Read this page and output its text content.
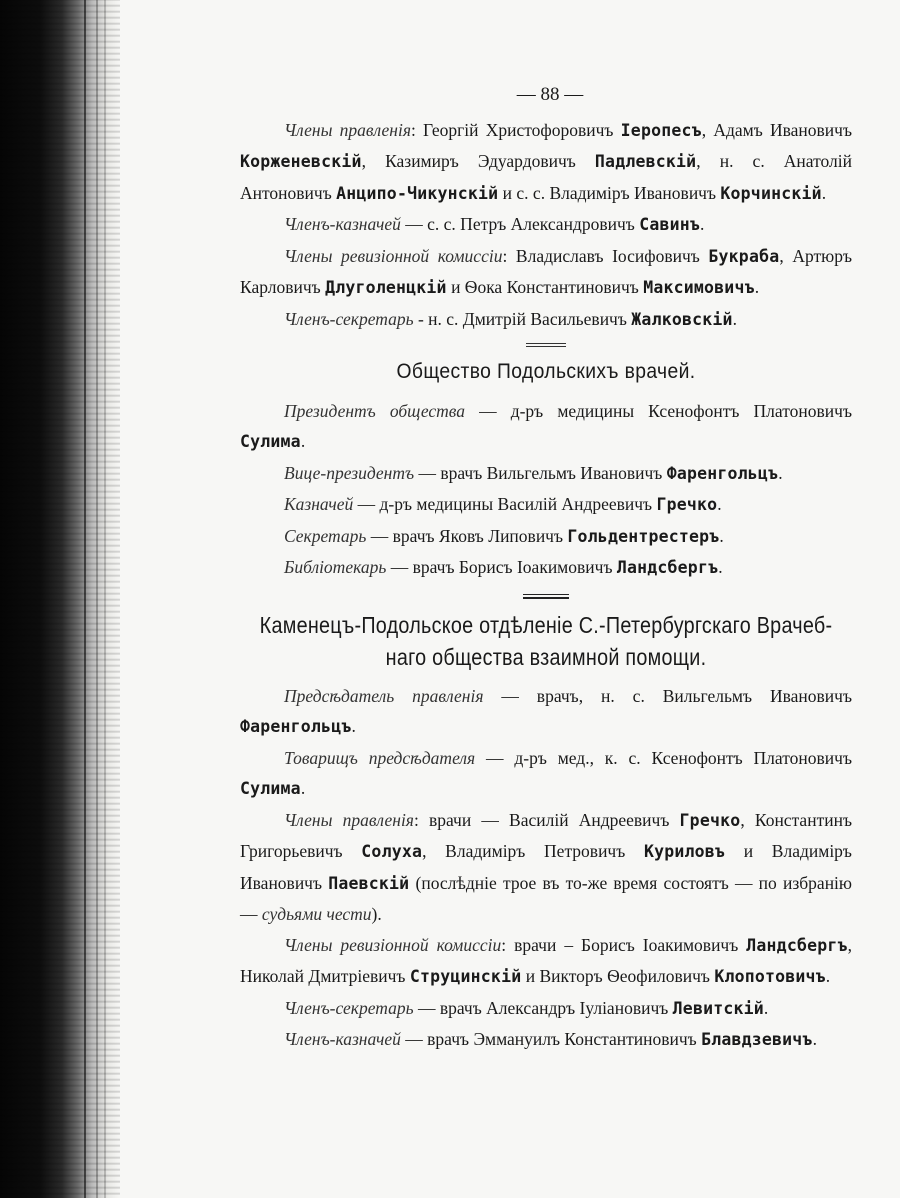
— 88 —

Члены правленія: Георгій Христофоровичъ Іеропесъ, Адамъ Ивановичъ Корженевскій, Казимиръ Эдуардовичъ Падлевскій, н. с. Анатолій Антоновичъ Анципо-Чикунскій и с. с. Владиміръ Ивановичъ Корчинскій.

Членъ-казначей — с. с. Петръ Александровичъ Савинъ.

Члены ревизіонной комиссіи: Владиславъ Іосифовичъ Букраба, Артюръ Карловичъ Длуголенцкій и Ѳока Константиновичъ Максимовичъ.

Членъ-секретарь - н. с. Дмитрій Васильевичъ Жалковскій.

Общество Подольскихъ врачей.

Президентъ общества — д-ръ медицины Ксенофонтъ Платоновичъ Сулима.

Вице-президентъ — врачъ Вильгельмъ Ивановичъ Фаренгольцъ.

Казначей — д-ръ медицины Василій Андреевичъ Гречко.

Секретарь — врачъ Яковъ Липовичъ Гольдентрестеръ.

Библіотекарь — врачъ Борисъ Іоакимовичъ Ландсбергъ.

Каменецъ-Подольское отдѣленіе С.-Петербургскаго Врачеб-
наго общества взаимной помощи.

Предсѣдатель правленія — врачъ, н. с. Вильгельмъ Ивановичъ Фаренгольцъ.

Товарищъ предсѣдателя — д-ръ мед., к. с. Ксенофонтъ Платоновичъ Сулима.

Члены правленія: врачи — Василій Андреевичъ Гречко, Константинъ Григорьевичъ Солуха, Владиміръ Петровичъ Куриловъ и Владиміръ Ивановичъ Паевскій (послѣдніе трое въ то-же время состоятъ — по избранію — судьями чести).

Члены ревизіонной комиссіи: врачи – Борисъ Іоакимовичъ Ландсбергъ, Николай Дмитріевичъ Струцинскій и Викторъ Ѳеофиловичъ Клопотовичъ.

Членъ-секретарь — врачъ Александръ Іуліановичъ Левитскій.

Членъ-казначей — врачъ Эммануилъ Константиновичъ Блавдзевичъ.
